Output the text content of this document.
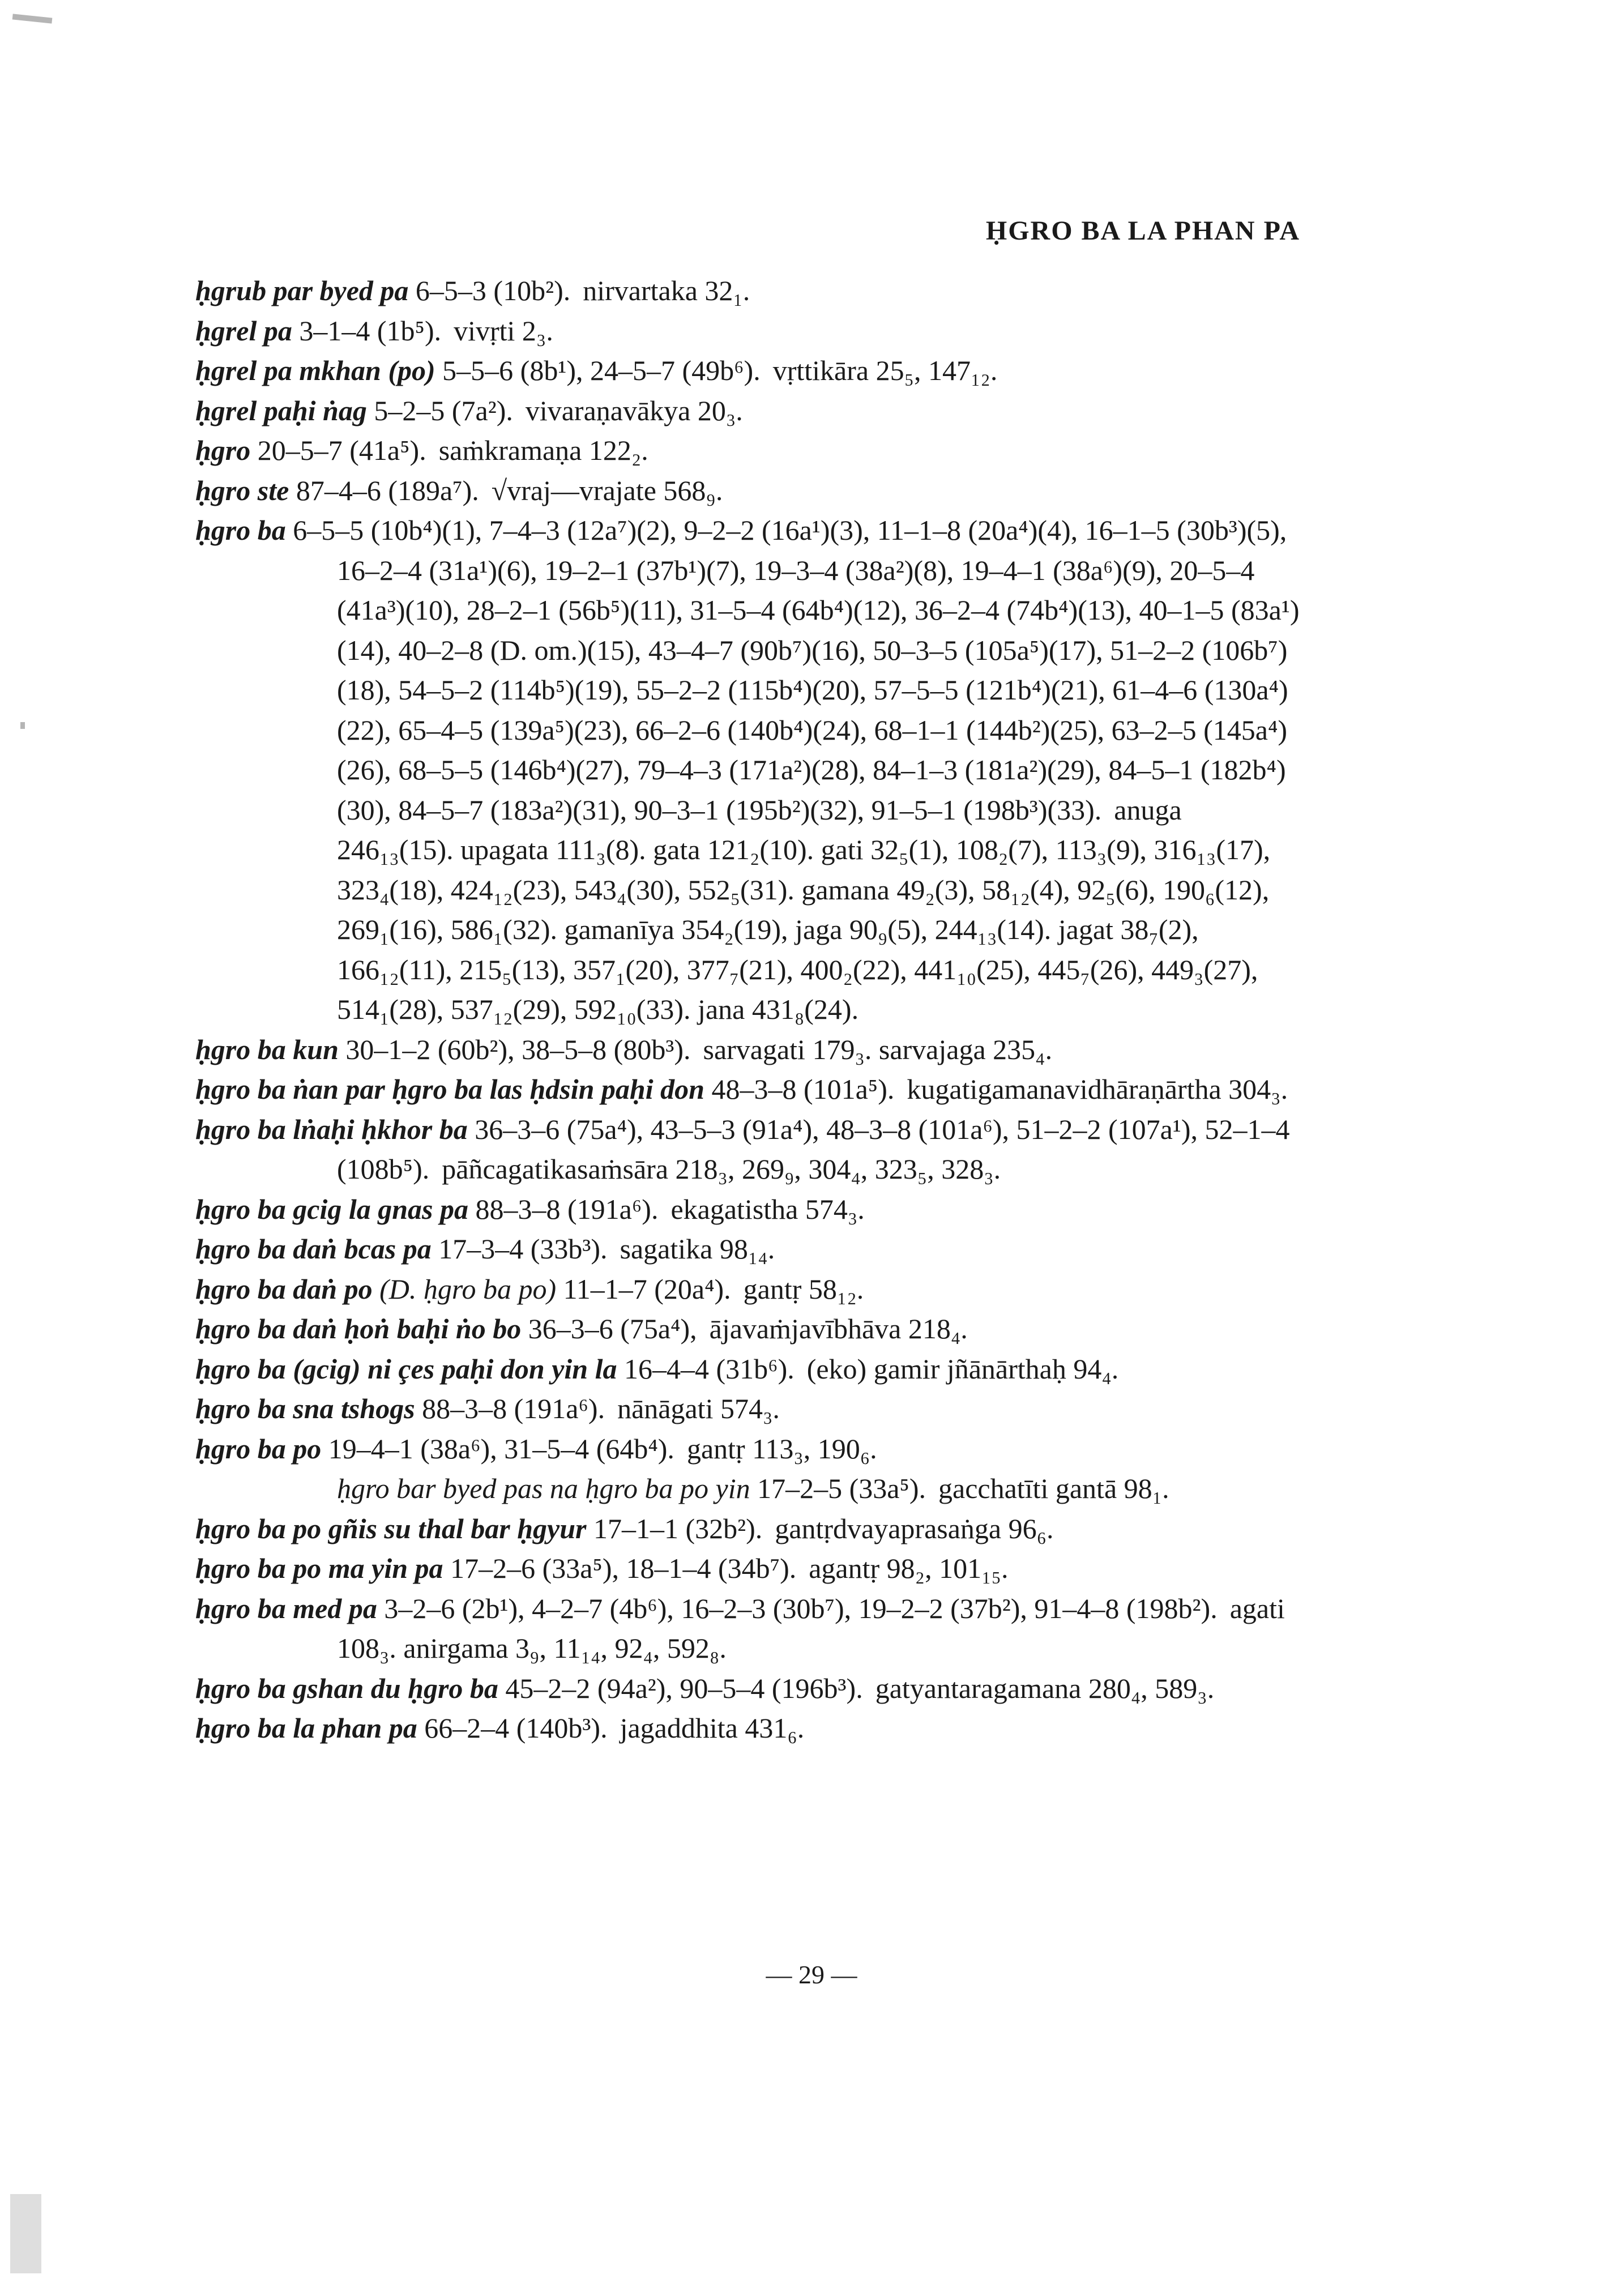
ḤGRO BA LA PHAN PA

ḥgrub par byed pa 6–5–3 (10b²). nirvartaka 32₁.

ḥgrel pa 3–1–4 (1b⁵). vivṛti 2₃.

ḥgrel pa mkhan (po) 5–5–6 (8b¹), 24–5–7 (49b⁶). vṛttikāra 25₅, 147₁₂.

ḥgrel paḥi ṅag 5–2–5 (7a²). vivaraṇavākya 20₃.

ḥgro 20–5–7 (41a⁵). saṁkramaṇa 122₂.

ḥgro ste 87–4–6 (189a⁷). √vraj—vrajate 568₉.

ḥgro ba 6–5–5 (10b⁴)(1), 7–4–3 (12a⁷)(2), 9–2–2 (16a¹)(3), 11–1–8 (20a⁴)(4), 16–1–5 (30b³)(5), 16–2–4 (31a¹)(6), 19–2–1 (37b¹)(7), 19–3–4 (38a²)(8), 19–4–1 (38a⁶)(9), 20–5–4 (41a³)(10), 28–2–1 (56b⁵)(11), 31–5–4 (64b⁴)(12), 36–2–4 (74b⁴)(13), 40–1–5 (83a¹)(14), 40–2–8 (D. om.)(15), 43–4–7 (90b⁷)(16), 50–3–5 (105a⁵)(17), 51–2–2 (106b⁷)(18), 54–5–2 (114b⁵)(19), 55–2–2 (115b⁴)(20), 57–5–5 (121b⁴)(21), 61–4–6 (130a⁴)(22), 65–4–5 (139a⁵)(23), 66–2–6 (140b⁴)(24), 68–1–1 (144b²)(25), 63–2–5 (145a⁴)(26), 68–5–5 (146b⁴)(27), 79–4–3 (171a²)(28), 84–1–3 (181a²)(29), 84–5–1 (182b⁴)(30), 84–5–7 (183a²)(31), 90–3–1 (195b²)(32), 91–5–1 (198b³)(33). anuga 246₁₃(15). upagata 111₃(8). gata 121₂(10). gati 32₅(1), 108₂(7), 113₃(9), 316₁₃(17), 323₄(18), 424₁₂(23), 543₄(30), 552₅(31). gamana 49₂(3), 58₁₂(4), 92₅(6), 190₆(12), 269₁(16), 586₁(32). gamanīya 354₂(19), jaga 90₉(5), 244₁₃(14). jagat 38₇(2), 166₁₂(11), 215₅(13), 357₁(20), 377₇(21), 400₂(22), 441₁₀(25), 445₇(26), 449₃(27), 514₁(28), 537₁₂(29), 592₁₀(33). jana 431₈(24).

ḥgro ba kun 30–1–2 (60b²), 38–5–8 (80b³). sarvagati 179₃. sarvajaga 235₄.

ḥgro ba ṅan par ḥgro ba las ḥdsin paḥi don 48–3–8 (101a⁵). kugatigamanavidhāraṇārtha 304₃.

ḥgro ba lṅaḥi ḥkhor ba 36–3–6 (75a⁴), 43–5–3 (91a⁴), 48–3–8 (101a⁶), 51–2–2 (107a¹), 52–1–4 (108b⁵). pāñcagatikasaṁsāra 218₃, 269₉, 304₄, 323₅, 328₃.

ḥgro ba gcig la gnas pa 88–3–8 (191a⁶). ekagatistha 574₃.

ḥgro ba daṅ bcas pa 17–3–4 (33b³). sagatika 98₁₄.

ḥgro ba daṅ po (D. ḥgro ba po) 11–1–7 (20a⁴). gantṛ 58₁₂.

ḥgro ba daṅ ḥoṅ baḥi ṅo bo 36–3–6 (75a⁴), ājavaṁjavībhāva 218₄.

ḥgro ba (gcig) ni çes paḥi don yin la 16–4–4 (31b⁶). (eko) gamir jñānārthaḥ 94₄.

ḥgro ba sna tshogs 88–3–8 (191a⁶). nānāgati 574₃.

ḥgro ba po 19–4–1 (38a⁶), 31–5–4 (64b⁴). gantṛ 113₃, 190₆.

ḥgro bar byed pas na ḥgro ba po yin 17–2–5 (33a⁵). gacchatīti gantā 98₁.

ḥgro ba po gñis su thal bar ḥgyur 17–1–1 (32b²). gantṛdvayaprasaṅga 96₆.

ḥgro ba po ma yin pa 17–2–6 (33a⁵), 18–1–4 (34b⁷). agantṛ 98₂, 101₁₅.

ḥgro ba med pa 3–2–6 (2b¹), 4–2–7 (4b⁶), 16–2–3 (30b⁷), 19–2–2 (37b²), 91–4–8 (198b²). agati 108₃. anirgama 3₉, 11₁₄, 92₄, 592₈.

ḥgro ba gshan du ḥgro ba 45–2–2 (94a²), 90–5–4 (196b³). gatyantaragamana 280₄, 589₃.

ḥgro ba la phan pa 66–2–4 (140b³). jagaddhita 431₆.

— 29 —
